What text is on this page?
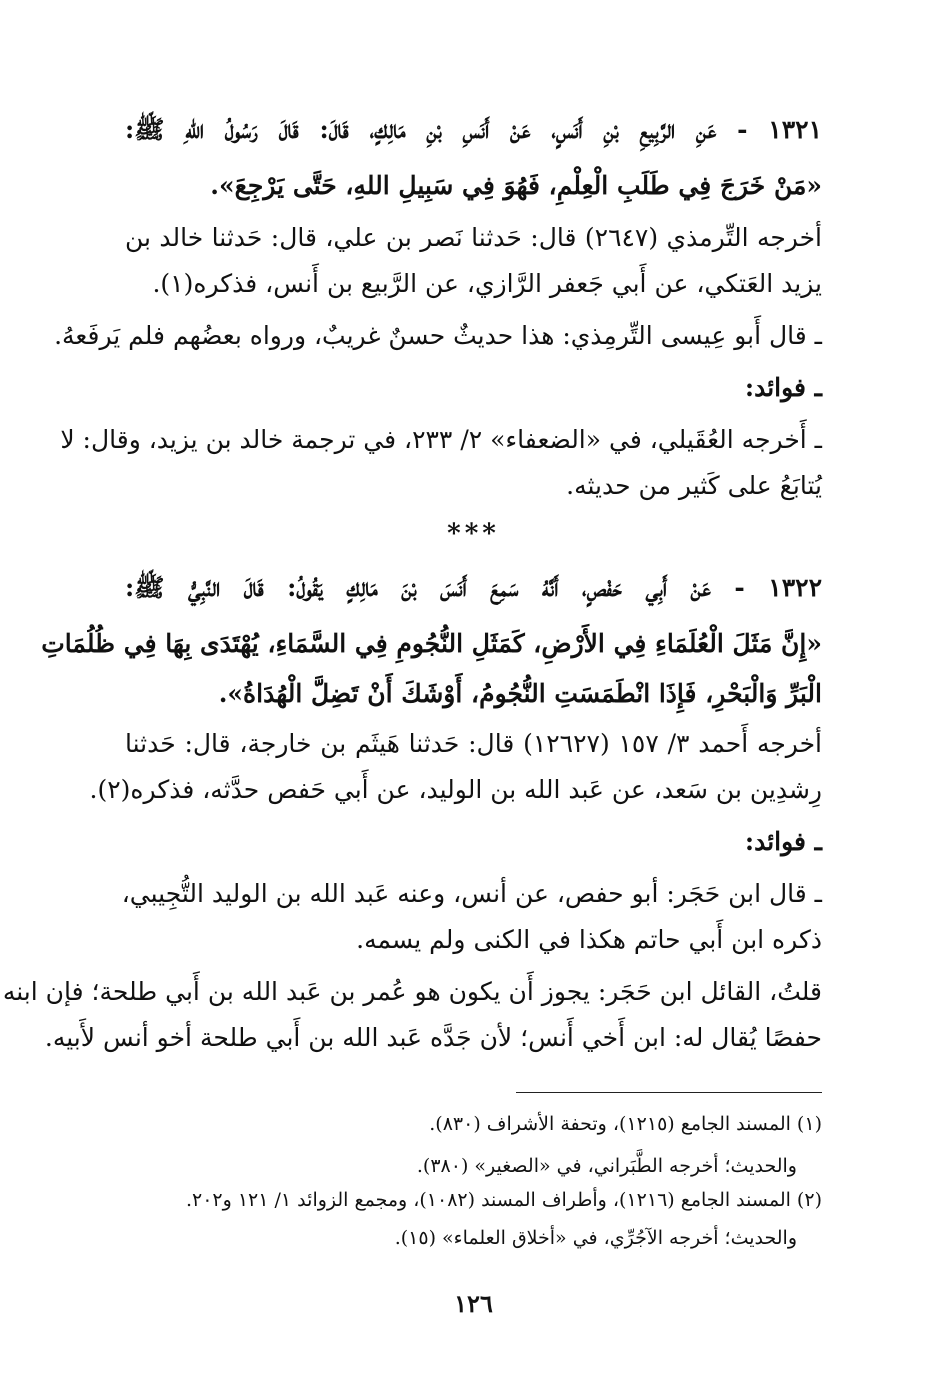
١٣٢١ - عَنِ الرَّبِيعِ بْنِ أَنَسٍ، عَنْ أَنَسِ بْنِ مَالِكٍ، قَالَ: قَالَ رَسُولُ اللهِ ﷺ:
«مَنْ خَرَجَ فِي طَلَبِ الْعِلْمِ، فَهُوَ فِي سَبِيلِ اللهِ، حَتَّى يَرْجِعَ».
أخرجه التِّرمذي (٢٦٤٧) قال: حَدثنا نَصر بن علي، قال: حَدثنا خالد بن
يزيد العَتكي، عن أَبي جَعفر الرَّازي، عن الرَّبيع بن أَنس، فذكره(١).
ـ قال أَبو عِيسى التِّرمِذي: هذا حديثٌ حسنٌ غريبٌ، ورواه بعضُهم فلم يَرفَعهُ.
ـ فوائد:
ـ أَخرجه العُقَيلي، في «الضعفاء» ٢/ ٢٣٣، في ترجمة خالد بن يزيد، وقال: لا
يُتابَعُ على كَثير من حديثه.
***
١٣٢٢ - عَنْ أَبِي حَفْصٍ، أَنَّهُ سَمِعَ أَنَسَ بْنَ مَالِكٍ يَقُولُ: قَالَ النَّبِيُّ ﷺ:
«إِنَّ مَثَلَ الْعُلَمَاءِ فِي الأَرْضِ، كَمَثَلِ النُّجُومِ فِي السَّمَاءِ، يُهْتَدَى بِهَا فِي ظُلُمَاتِ
الْبَرِّ وَالْبَحْرِ، فَإِذَا انْطَمَسَتِ النُّجُومُ، أَوْشَكَ أَنْ تَضِلَّ الْهُدَاةُ».
أخرجه أَحمد ٣/ ١٥٧ (١٢٦٢٧) قال: حَدثنا هَيثَم بن خارجة، قال: حَدثنا
رِشدِين بن سَعد، عن عَبد الله بن الوليد، عن أَبي حَفص حدَّثه، فذكره(٢).
ـ فوائد:
ـ قال ابن حَجَر: أبو حفص، عن أنس، وعنه عَبد الله بن الوليد التُّجِيبي،
ذكره ابن أَبي حاتم هكذا في الكنى ولم يسمه.
قلتُ، القائل ابن حَجَر: يجوز أَن يكون هو عُمر بن عَبد الله بن أَبي طلحة؛ فإن ابنه
حفصًا يُقال له: ابن أَخي أَنس؛ لأن جَدَّه عَبد الله بن أَبي طلحة أخو أنس لأَبيه.
(١) المسند الجامع (١٢١٥)، وتحفة الأشراف (٨٣٠).
والحديث؛ أخرجه الطَّبَراني، في «الصغير» (٣٨٠).
(٢) المسند الجامع (١٢١٦)، وأطراف المسند (١٠٨٢)، ومجمع الزوائد ١/ ١٢١ و٢٠٢.
والحديث؛ أخرجه الآجُرِّي، في «أخلاق العلماء» (١٥).
١٢٦
